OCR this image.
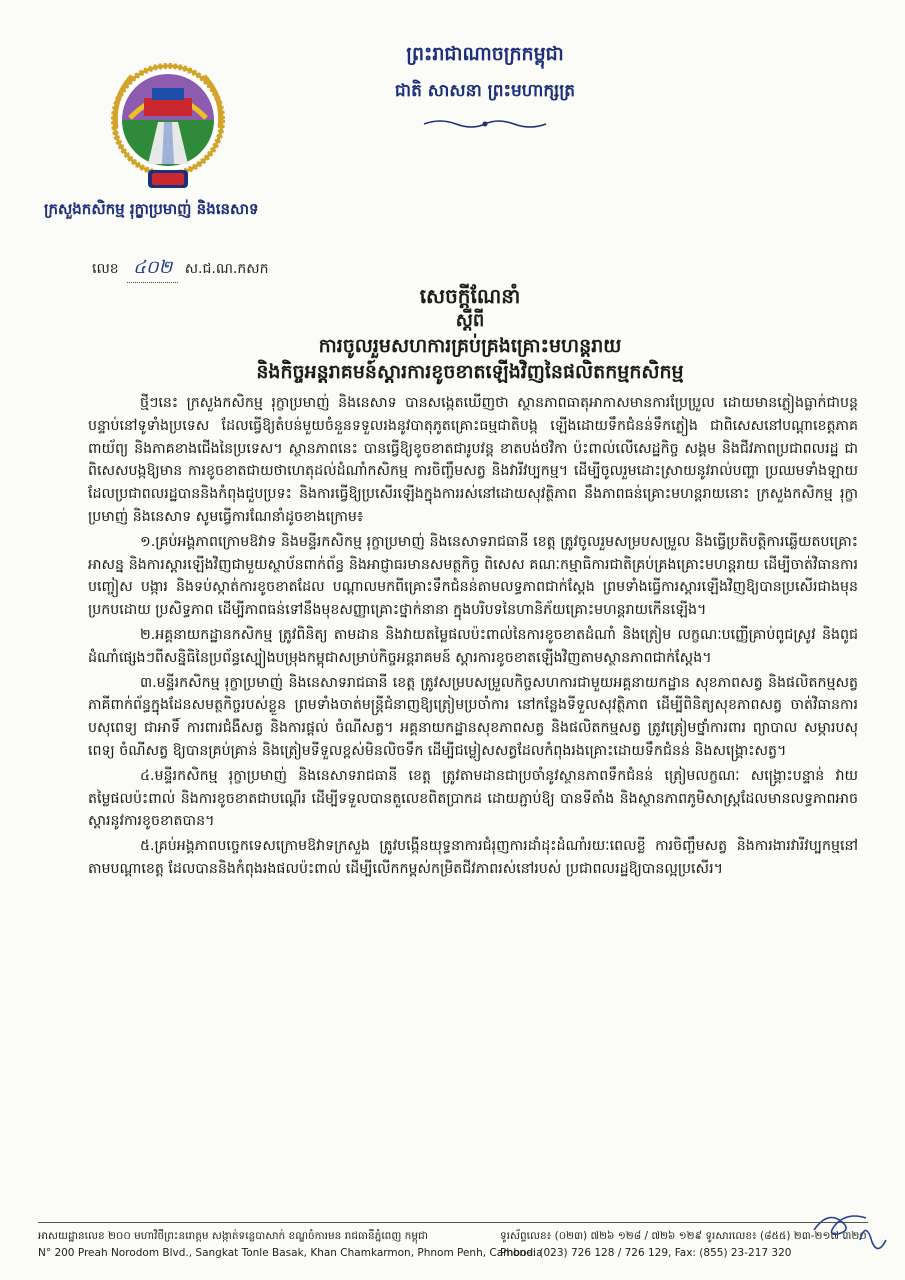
ក្រសួងកសិកម្ម រុក្ខាប្រមាញ់ និងនេសាទ
ព្រះរាជាណាចក្រកម្ពុជា
ជាតិ សាសនា ព្រះមហាក្សត្រ
លេខ ៤០២ ស.ជ.ណ.កសក
សេចក្តីណែនាំ
ស្តីពី
ការចូលរួមសហការគ្រប់គ្រងគ្រោះមហន្តរាយ
និងកិច្ចអន្តរាគមន៍ស្តារការខូចខាតឡើងវិញនៃផលិតកម្មកសិកម្ម

ថ្មីៗនេះ ក្រសួងកសិកម្ម រុក្ខាប្រមាញ់ និងនេសាទ បានសង្កេតឃើញថា ស្ថានភាពធាតុអាកាសមានការប្រែប្រួល ដោយមានភ្លៀងធ្លាក់ជាបន្តបន្ទាប់នៅទូទាំងប្រទេស ដែលធ្វើឱ្យតំបន់មួយចំនួនទទួលរងនូវបាតុភូតគ្រោះធម្មជាតិបង្ក ឡើងដោយទឹកជំនន់ទឹកភ្លៀង ជាពិសេសនៅបណ្តាខេត្តភាគពាយ័ព្យ និងភាគខាងជើងនៃប្រទេស។ ស្ថានភាពនេះ បានធ្វើឱ្យខូចខាតជារូបវន្ត ខាតបង់ថវិកា ប៉ះពាល់លើសេដ្ឋកិច្ច សង្គម និងជីវភាពប្រជាពលរដ្ឋ ជាពិសេសបង្កឱ្យមាន ការខូចខាតជាយថាហេតុដល់ដំណាំកសិកម្ម ការចិញ្ចឹមសត្វ និងវារីវប្បកម្ម។ ដើម្បីចូលរួមដោះស្រាយនូវរាល់បញ្ហា ប្រឈមទាំងឡាយដែលប្រជាពលរដ្ឋបាននិងកំពុងជួបប្រទះ និងការធ្វើឱ្យប្រសើរឡើងក្នុងការរស់នៅដោយសុវត្ថិភាព នឹងភាពធន់គ្រោះមហន្តរាយនោះ ក្រសួងកសិកម្ម រុក្ខាប្រមាញ់ និងនេសាទ សូមធ្វើការណែនាំដូចខាងក្រោម៖

១.គ្រប់អង្គភាពក្រោមឱវាទ និងមន្ទីរកសិកម្ម រុក្ខាប្រមាញ់ និងនេសាទរាជធានី ខេត្ត ត្រូវចូលរួមសម្របសម្រួល និងធ្វើប្រតិបត្តិការឆ្លើយតបគ្រោះអាសន្ន និងការស្តារឡើងវិញជាមួយស្ថាប័នពាក់ព័ន្ធ និងអាជ្ញាធរមានសមត្ថកិច្ច ពិសេស គណៈកម្មាធិការជាតិគ្រប់គ្រងគ្រោះមហន្តរាយ ដើម្បីចាត់វិធានការបញ្ចៀស បង្ការ និងទប់ស្កាត់ការខូចខាតដែល បណ្តាលមកពីគ្រោះទឹកជំនន់តាមលទ្ធភាពជាក់ស្តែង ព្រមទាំងធ្វើការស្តារឡើងវិញឱ្យបានប្រសើរជាងមុនប្រកបដោយ ប្រសិទ្ធភាព ដើម្បីភាពធន់ទៅនឹងមុខសញ្ញាគ្រោះថ្នាក់នានា ក្នុងបរិបទនៃហានិភ័យគ្រោះមហន្តរាយកើនឡើង។

២.អគ្គនាយកដ្ឋានកសិកម្ម ត្រូវពិនិត្យ តាមដាន និងវាយតម្លៃផលប៉ះពាល់នៃការខូចខាតដំណាំ និងត្រៀម លក្ខណៈបញ្ញើគ្រាប់ពូជស្រូវ និងពូជដំណាំផ្សេងៗពីសន្និធិនៃប្រព័ន្ធស្បៀងបម្រុងកម្ពុជាសម្រាប់កិច្ចអន្តរាគមន៍ ស្តារការខូចខាតឡើងវិញតាមស្ថានភាពជាក់ស្តែង។

៣.មន្ទីរកសិកម្ម រុក្ខាប្រមាញ់ និងនេសាទរាជធានី ខេត្ត ត្រូវសម្របសម្រួលកិច្ចសហការជាមួយអគ្គនាយកដ្ឋាន សុខភាពសត្វ និងផលិតកម្មសត្វ ភាគីពាក់ព័ន្ធក្នុងដែនសមត្ថកិច្ចរបស់ខ្លួន ព្រមទាំងចាត់មន្ត្រីជំនាញឱ្យត្រៀមប្រចាំការ នៅកន្លែងទីទួលសុវត្ថិភាព ដើម្បីពិនិត្យសុខភាពសត្វ ចាត់វិធានការបសុពេទ្យ ជាអាទិ៍ ការពារជំងឺសត្វ និងការផ្តល់ ចំណីសត្វ។ អគ្គនាយកដ្ឋានសុខភាពសត្វ និងផលិតកម្មសត្វ ត្រូវត្រៀមថ្នាំការពារ ព្យាបាល សម្ភារបសុពេទ្យ ចំណីសត្វ ឱ្យបានគ្រប់គ្រាន់ និងត្រៀមទីទួលខ្ពស់មិនលិចទឹក ដើម្បីជម្លៀសសត្វដែលកំពុងរងគ្រោះដោយទឹកជំនន់ និងសង្គ្រោះសត្វ។

៤.មន្ទីរកសិកម្ម រុក្ខាប្រមាញ់ និងនេសាទរាជធានី ខេត្ត ត្រូវតាមដានជាប្រចាំនូវស្ថានភាពទឹកជំនន់ ត្រៀមលក្ខណៈ សង្គ្រោះបន្ទាន់ វាយតម្លៃផលប៉ះពាល់ និងការខូចខាតជាបណ្តើរ ដើម្បីទទួលបានតួលេខពិតប្រាកដ ដោយភ្ជាប់ឱ្យ បានទីតាំង និងស្ថានភាពភូមិសាស្ត្រដែលមានលទ្ធភាពអាចស្តារនូវការខូចខាតបាន។

៥.គ្រប់អង្គភាពបច្ចេកទេសក្រោមឱវាទក្រសួង ត្រូវបង្កើនយុទ្ធនាការជំរុញការដាំដុះដំណាំរយៈពេលខ្លី ការចិញ្ចឹមសត្វ និងការងារវារីវប្បកម្មនៅតាមបណ្តាខេត្ត ដែលបាននិងកំពុងរងផលប៉ះពាល់ ដើម្បីលើកកម្ពស់កម្រិតជីវភាពរស់នៅរបស់ ប្រជាពលរដ្ឋឱ្យបានល្អប្រសើរ។

អាសយដ្ឋានលេខ ២០០ មហាវិថីព្រះនរោត្តម សង្កាត់ទន្លេបាសាក់ ខណ្ឌចំការមន រាជធានីភ្នំពេញ កម្ពុជា
N° 200 Preah Norodom Blvd., Sangkat Tonle Basak, Khan Chamkarmon, Phnom Penh, Cambodia
ទូរស័ព្ទលេខ៖ (០២៣) ៧២៦ ១២៨ / ៧២៦ ១២៩ ទូរសារលេខ៖ (៨៥៥) ២៣-២១៧ ៣២០
Phone: (023) 726 128 / 726 129, Fax: (855) 23-217 320
